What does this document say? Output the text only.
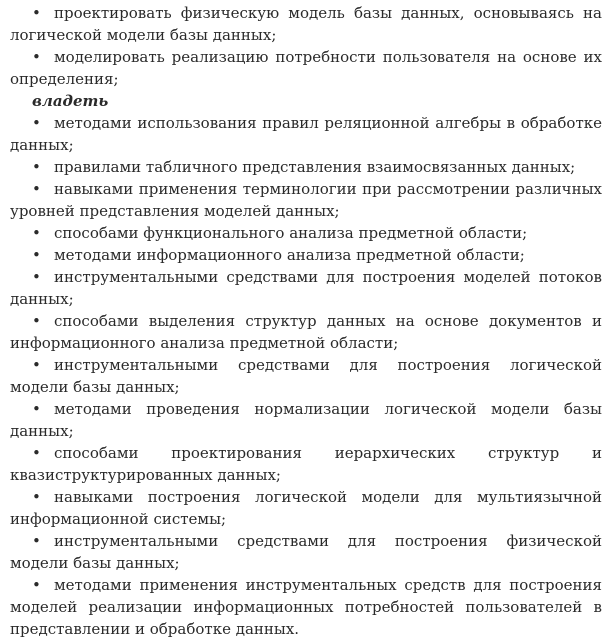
• проектировать физическую модель базы данных, основываясь на логической модели базы данных;

• моделировать реализацию потребности пользователя на основе их определения;

владеть

• методами использования правил реляционной алгебры в обработке данных;

• правилами табличного представления взаимосвязанных данных;

• навыками применения терминологии при рассмотрении различных уровней представления моделей данных;

• способами функционального анализа предметной области;

• методами информационного анализа предметной области;

• инструментальными средствами для построения моделей потоков данных;

• способами выделения структур данных на основе документов и информационного анализа предметной области;

• инструментальными средствами для построения логической модели базы данных;

• методами проведения нормализации логической модели базы данных;

• способами проектирования иерархических структур и квазиструктурированных данных;

• навыками построения логической модели для мультиязычной информационной системы;

• инструментальными средствами для построения физической модели базы данных;

• методами применения инструментальных средств для построения моделей реализации информационных потребностей пользователей в представлении и обработке данных.
